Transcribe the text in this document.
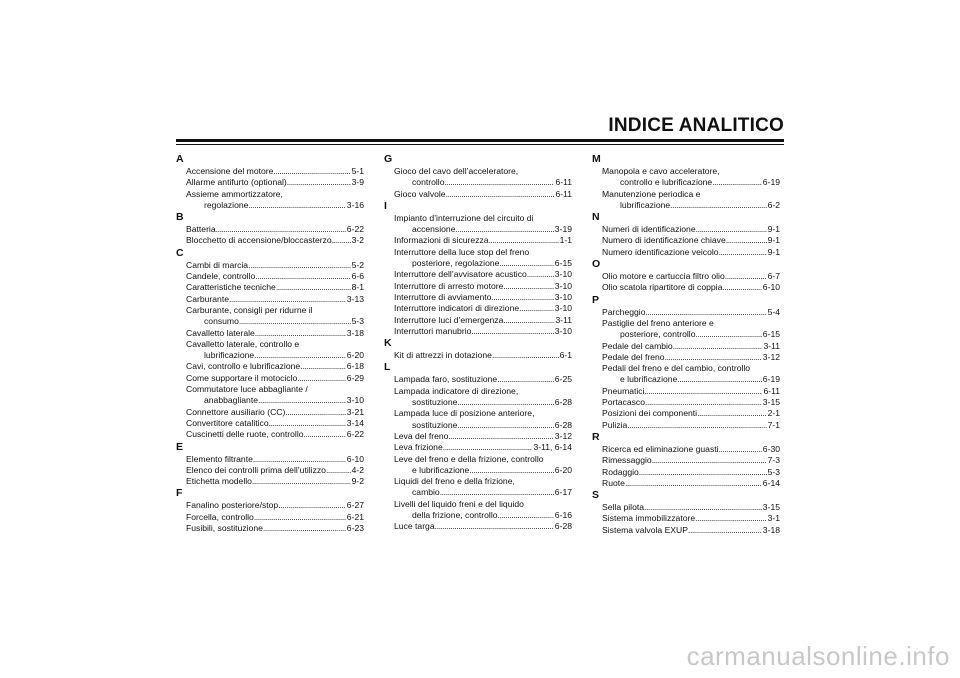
INDICE ANALITICO
A
Accensione del motore . . .	5-1
Allarme antifurto (optional) . . .	3-9
Assieme ammortizzatore,
regolazione . . .	3-16
B
Batteria . . .	6-22
Blocchetto di accensione/bloccasterzo . . . 3-2
C
Cambi di marcia . . .	5-2
Candele, controllo . . .	6-6
Caratteristiche tecniche . . .	8-1
Carburante . . .	3-13
Carburante, consigli per ridurne il
consumo . . .	5-3
Cavalletto laterale . . .	3-18
Cavalletto laterale, controllo e
lubrificazione . . .	6-20
Cavi, controllo e lubrificazione . . .	6-18
Come supportare il motociclo . . .	6-29
Commutatore luce abbagliante /
anabbagliante . . .	3-10
Connettore ausiliario (CC) . . .	3-21
Convertitore catalitico . . .	3-14
Cuscinetti delle ruote, controllo . . .	6-22
E
Elemento filtrante . . .	6-10
Elenco dei controlli prima dell’utilizzo . . .	4-2
Etichetta modello . . .	9-2
F
Fanalino posteriore/stop . . .	6-27
Forcella, controllo . . .	6-21
Fusibili, sostituzione . . .	6-23
G
Gioco del cavo dell’acceleratore,
controllo . . .	6-11
Gioco valvole . . .	6-11
I
Impianto d’interruzione del circuito di
accensione . . .	3-19
Informazioni di sicurezza . . .	1-1
Interruttore della luce stop del freno
posteriore, regolazione . . .	6-15
Interruttore dell’avvisatore acustico . . .	3-10
Interruttore di arresto motore . . .	3-10
Interruttore di avviamento . . .	3-10
Interruttore indicatori di direzione . . .	3-10
Interruttore luci d’emergenza . . .	3-11
Interruttori manubrio . . .	3-10
K
Kit di attrezzi in dotazione . . .	6-1
L
Lampada faro, sostituzione . . .	6-25
Lampada indicatore di direzione,
sostituzione . . .	6-28
Lampada luce di posizione anteriore,
sostituzione . . .	6-28
Leva del freno . . .	3-12
Leva frizione . . .	3-11, 6-14
Leve del freno e della frizione, controllo
e lubrificazione . . .	6-20
Liquidi del freno e della frizione,
cambio . . .	6-17
Livelli del liquido freni e del liquido
della frizione, controllo . . .	6-16
Luce targa . . .	6-28
M
Manopola e cavo acceleratore,
controllo e lubrificazione . . .	6-19
Manutenzione periodica e
lubrificazione . . .	6-2
N
Numeri di identificazione . . .	9-1
Numero di identificazione chiave . . .	9-1
Numero identificazione veicolo . . .	9-1
O
Olio motore e cartuccia filtro olio . . .	6-7
Olio scatola ripartitore di coppia . . .	6-10
P
Parcheggio . . .	5-4
Pastiglie del freno anteriore e
posteriore, controllo . . .	6-15
Pedale del cambio . . .	3-11
Pedale del freno . . .	3-12
Pedali del freno e del cambio, controllo
e lubrificazione . . .	6-19
Pneumatici . . .	6-11
Portacasco . . .	3-15
Posizioni dei componenti . . .	2-1
Pulizia . . .	7-1
R
Ricerca ed eliminazione guasti . . .	6-30
Rimessaggio . . .	7-3
Rodaggio . . .	5-3
Ruote . . .	6-14
S
Sella pilota . . .	3-15
Sistema immobilizzatore . . .	3-1
Sistema valvola EXUP . . .	3-18
carmanualsonline.info
